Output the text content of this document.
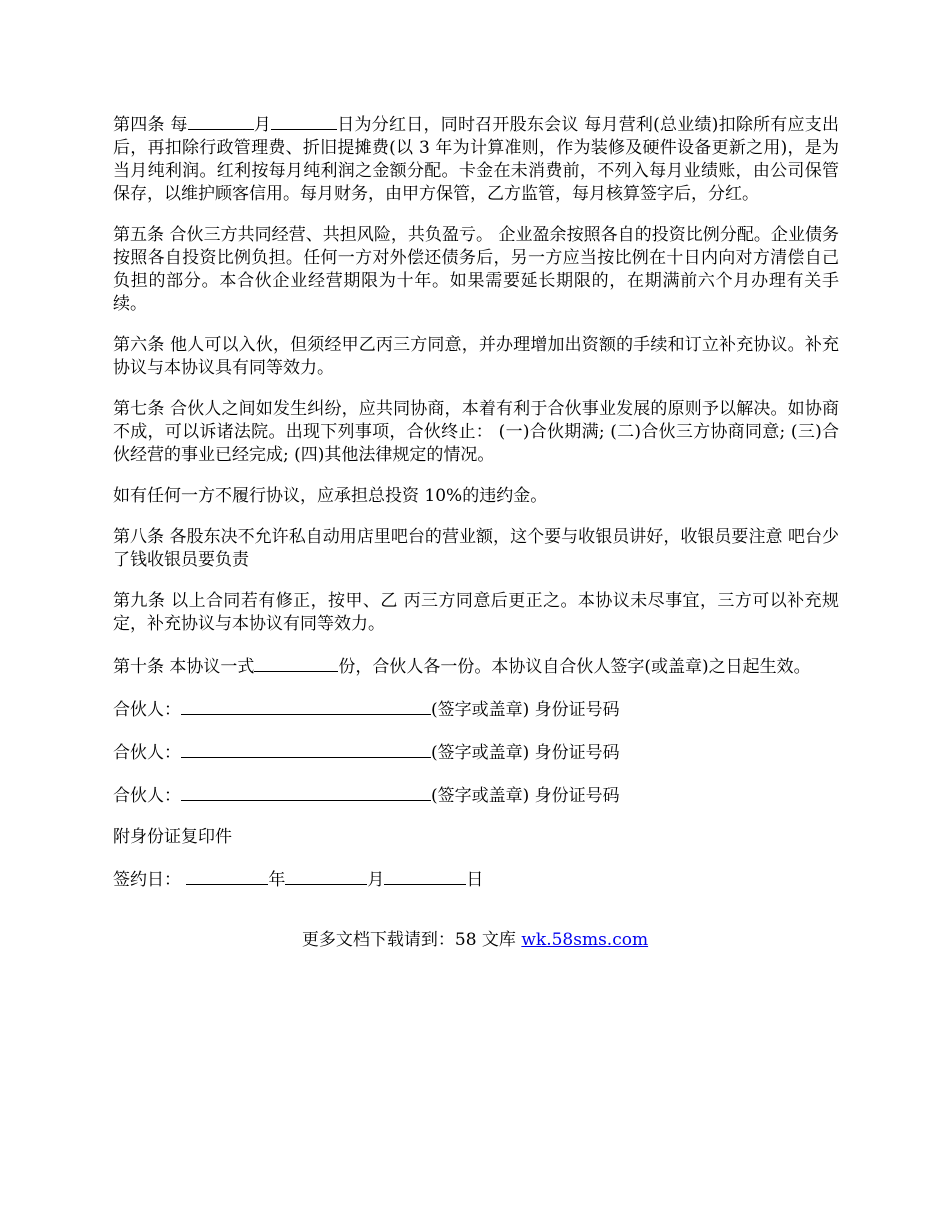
第四条 每	月	日为分红日，同时召开股东会议 每月营利(总业绩)扣除所有应支出后，再扣除行政管理费、折旧提摊费(以 3 年为计算准则，作为装修及硬件设备更新之用)，是为当月纯利润。红利按每月纯利润之金额分配。卡金在未消费前，不列入每月业绩账，由公司保管保存，以维护顾客信用。每月财务，由甲方保管，乙方监管，每月核算签字后，分红。

第五条 合伙三方共同经营、共担风险，共负盈亏。 企业盈余按照各自的投资比例分配。企业债务按照各自投资比例负担。任何一方对外偿还债务后，另一方应当按比例在十日内向对方清偿自己负担的部分。本合伙企业经营期限为十年。如果需要延长期限的，在期满前六个月办理有关手续。

第六条 他人可以入伙，但须经甲乙丙三方同意，并办理增加出资额的手续和订立补充协议。补充协议与本协议具有同等效力。

第七条 合伙人之间如发生纠纷，应共同协商，本着有利于合伙事业发展的原则予以解决。如协商不成，可以诉诸法院。出现下列事项，合伙终止： (一)合伙期满; (二)合伙三方协商同意; (三)合伙经营的事业已经完成; (四)其他法律规定的情况。

如有任何一方不履行协议，应承担总投资 10%的违约金。

第八条 各股东决不允许私自动用店里吧台的营业额，这个要与收银员讲好，收银员要注意 吧台少了钱收银员要负责

第九条 以上合同若有修正，按甲、乙 丙三方同意后更正之。本协议未尽事宜，三方可以补充规定，补充协议与本协议有同等效力。

第十条 本协议一式	份，合伙人各一份。本协议自合伙人签字(或盖章)之日起生效。

合伙人：	(签字或盖章) 身份证号码
合伙人：	(签字或盖章) 身份证号码
合伙人：	(签字或盖章) 身份证号码

附身份证复印件

签约日：	年	月	日
更多文档下载请到：58 文库 wk.58sms.com
